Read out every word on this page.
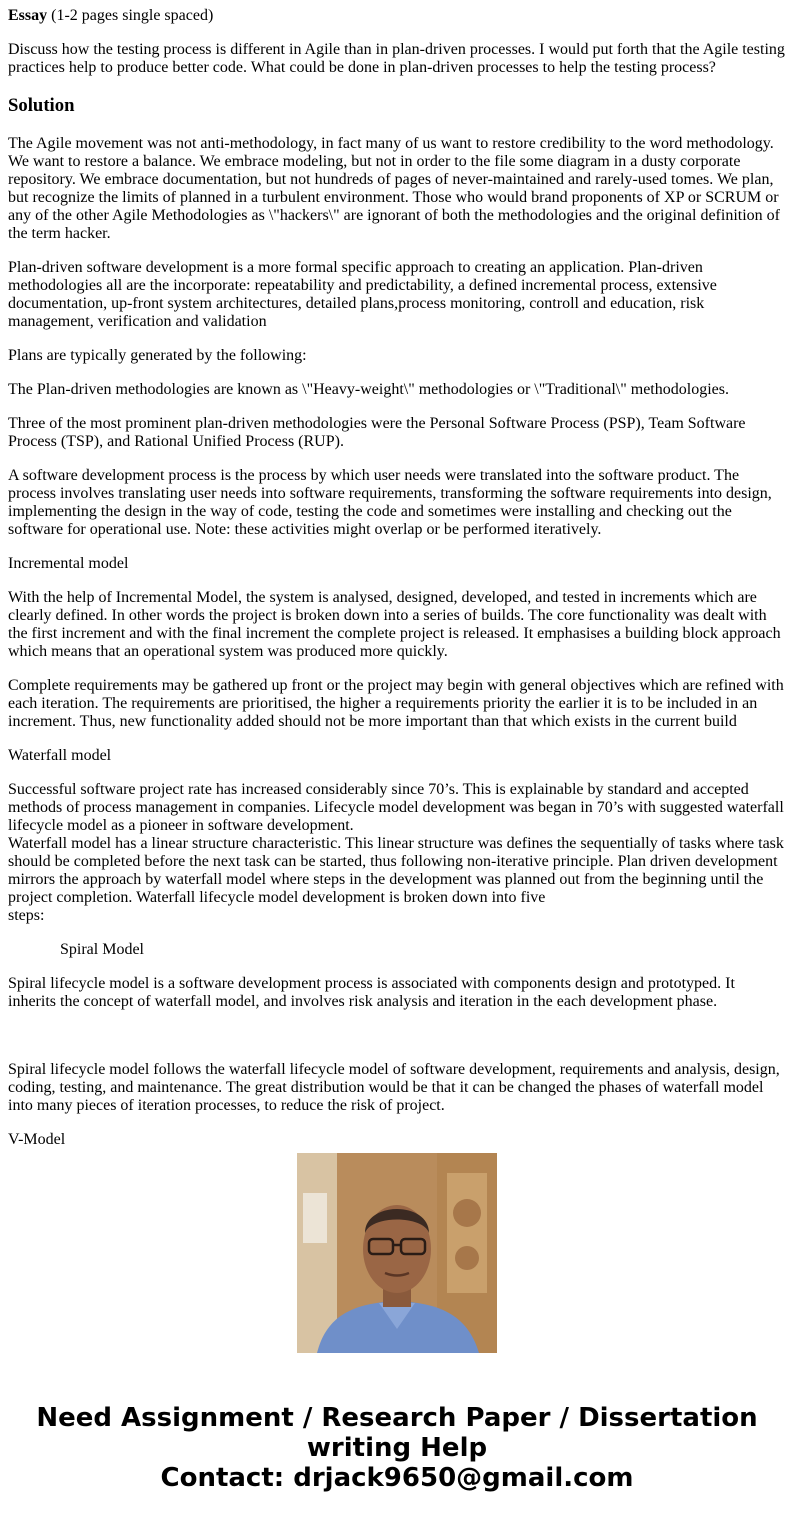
Essay (1-2 pages single spaced)

Discuss how the testing process is different in Agile than in plan-driven processes. I would put forth that the Agile testing practices help to produce better code. What could be done in plan-driven processes to help the testing process?

Solution

The Agile movement was not anti-methodology, in fact many of us want to restore credibility to the word methodology. We want to restore a balance. We embrace modeling, but not in order to the file some diagram in a dusty corporate repository. We embrace documentation, but not hundreds of pages of never-maintained and rarely-used tomes. We plan, but recognize the limits of planned in a turbulent environment. Those who would brand proponents of XP or SCRUM or any of the other Agile Methodologies as \"hackers\" are ignorant of both the methodologies and the original definition of the term hacker.

Plan-driven software development is a more formal specific approach to creating an application. Plan-driven methodologies all are the incorporate: repeatability and predictability, a defined incremental process, extensive documentation, up-front system architectures, detailed plans,process monitoring, controll and education, risk management, verification and validation

Plans are typically generated by the following:

The Plan-driven methodologies are known as \"Heavy-weight\" methodologies or \"Traditional\" methodologies.

Three of the most prominent plan-driven methodologies were the Personal Software Process (PSP), Team Software Process (TSP), and Rational Unified Process (RUP).

A software development process is the process by which user needs were translated into the software product. The process involves translating user needs into software requirements, transforming the software requirements into design, implementing the design in the way of code, testing the code and sometimes were installing and checking out the software for operational use. Note: these activities might overlap or be performed iteratively.

Incremental model

With the help of Incremental Model, the system is analysed, designed, developed, and tested in increments which are clearly defined. In other words the project is broken down into a series of builds. The core functionality was dealt with the first increment and with the final increment the complete project is released. It emphasises a building block approach which means that an operational system was produced more quickly.

Complete requirements may be gathered up front or the project may begin with general objectives which are refined with each iteration. The requirements are prioritised, the higher a requirements priority the earlier it is to be included in an increment. Thus, new functionality added should not be more important than that which exists in the current build

Waterfall model

Successful software project rate has increased considerably since 70’s. This is explainable by standard and accepted methods of process management in companies. Lifecycle model development was began in 70’s with suggested waterfall lifecycle model as a pioneer in software development.
Waterfall model has a linear structure characteristic. This linear structure was defines the sequentially of tasks where task should be completed before the next task can be started, thus following non-iterative principle. Plan driven development mirrors the approach by waterfall model where steps in the development was planned out from the beginning until the project completion. Waterfall lifecycle model development is broken down into five
steps:

Spiral Model

Spiral lifecycle model is a software development process is associated with components design and prototyped. It inherits the concept of waterfall model, and involves risk analysis and iteration in the each development phase.

Spiral lifecycle model follows the waterfall lifecycle model of software development, requirements and analysis, design, coding, testing, and maintenance. The great distribution would be that it can be changed the phases of waterfall model into many pieces of iteration processes, to reduce the risk of project.

V-Model

Need Assignment / Research Paper / Dissertation
writing Help
Contact: drjack9650@gmail.com
